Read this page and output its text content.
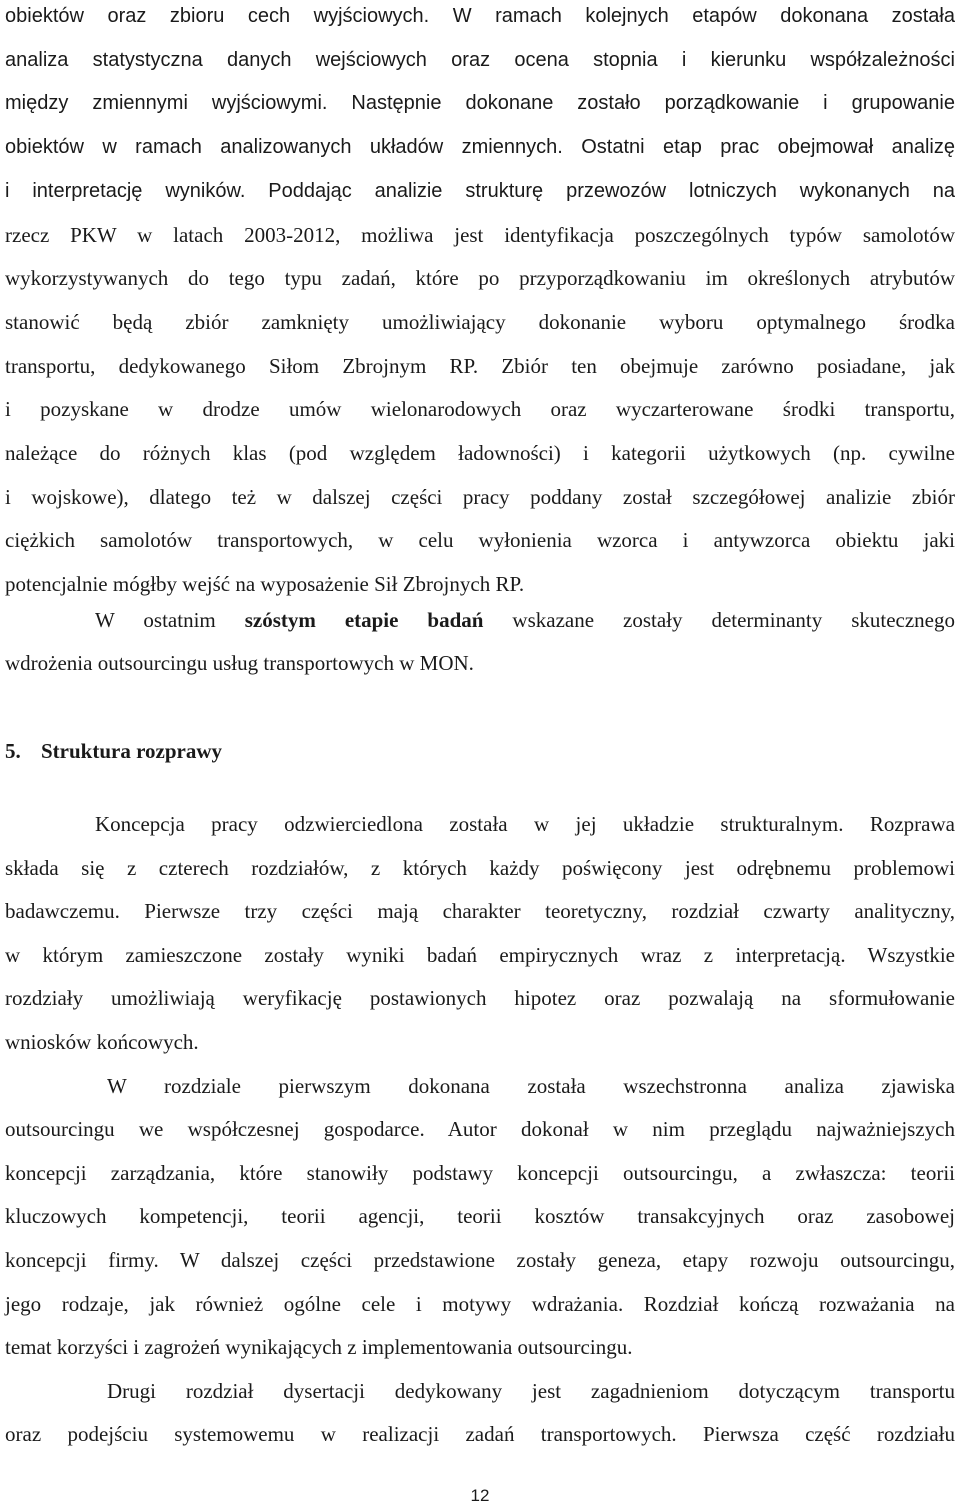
obiektów oraz zbioru cech wyjściowych. W ramach kolejnych etapów dokonana została
analiza statystyczna danych wejściowych oraz ocena stopnia i kierunku współzależności
między zmiennymi wyjściowymi. Następnie dokonane zostało porządkowanie i grupowanie
obiektów w ramach analizowanych układów zmiennych. Ostatni etap prac obejmował analizę
i interpretację wyników. Poddając analizie strukturę przewozów lotniczych wykonanych na
rzecz PKW w latach 2003-2012, możliwa jest identyfikacja poszczególnych typów samolotów
wykorzystywanych do tego typu zadań, które po przyporządkowaniu im określonych atrybutów
stanowić będą zbiór zamknięty umożliwiający dokonanie wyboru optymalnego środka
transportu, dedykowanego Siłom Zbrojnym RP. Zbiór ten obejmuje zarówno posiadane, jak
i pozyskane w drodze umów wielonarodowych oraz wyczarterowane środki transportu,
należące do różnych klas (pod względem ładowności) i kategorii użytkowych (np. cywilne
i wojskowe), dlatego też w dalszej części pracy poddany został szczegółowej analizie zbiór
ciężkich samolotów transportowych, w celu wyłonienia wzorca i antywzorca obiektu jaki
potencjalnie mógłby wejść na wyposażenie Sił Zbrojnych RP.
W ostatnim szóstym etapie badań wskazane zostały determinanty skutecznego
wdrożenia outsourcingu usług transportowych w MON.
5. Struktura rozprawy
Koncepcja pracy odzwierciedlona została w jej układzie strukturalnym. Rozprawa
składa się z czterech rozdziałów, z których każdy poświęcony jest odrębnemu problemowi
badawczemu. Pierwsze trzy części mają charakter teoretyczny, rozdział czwarty analityczny,
w którym zamieszczone zostały wyniki badań empirycznych wraz z interpretacją. Wszystkie
rozdziały umożliwiają weryfikację postawionych hipotez oraz pozwalają na sformułowanie
wniosków końcowych.
W rozdziale pierwszym dokonana została wszechstronna analiza zjawiska
outsourcingu we współczesnej gospodarce. Autor dokonał w nim przeglądu najważniejszych
koncepcji zarządzania, które stanowiły podstawy koncepcji outsourcingu, a zwłaszcza: teorii
kluczowych kompetencji, teorii agencji, teorii kosztów transakcyjnych oraz zasobowej
koncepcji firmy. W dalszej części przedstawione zostały geneza, etapy rozwoju outsourcingu,
jego rodzaje, jak również ogólne cele i motywy wdrażania. Rozdział kończą rozważania na
temat korzyści i zagrożeń wynikających z implementowania outsourcingu.
Drugi rozdział dysertacji dedykowany jest zagadnieniom dotyczącym transportu
oraz podejściu systemowemu w realizacji zadań transportowych. Pierwsza część rozdziału
12
